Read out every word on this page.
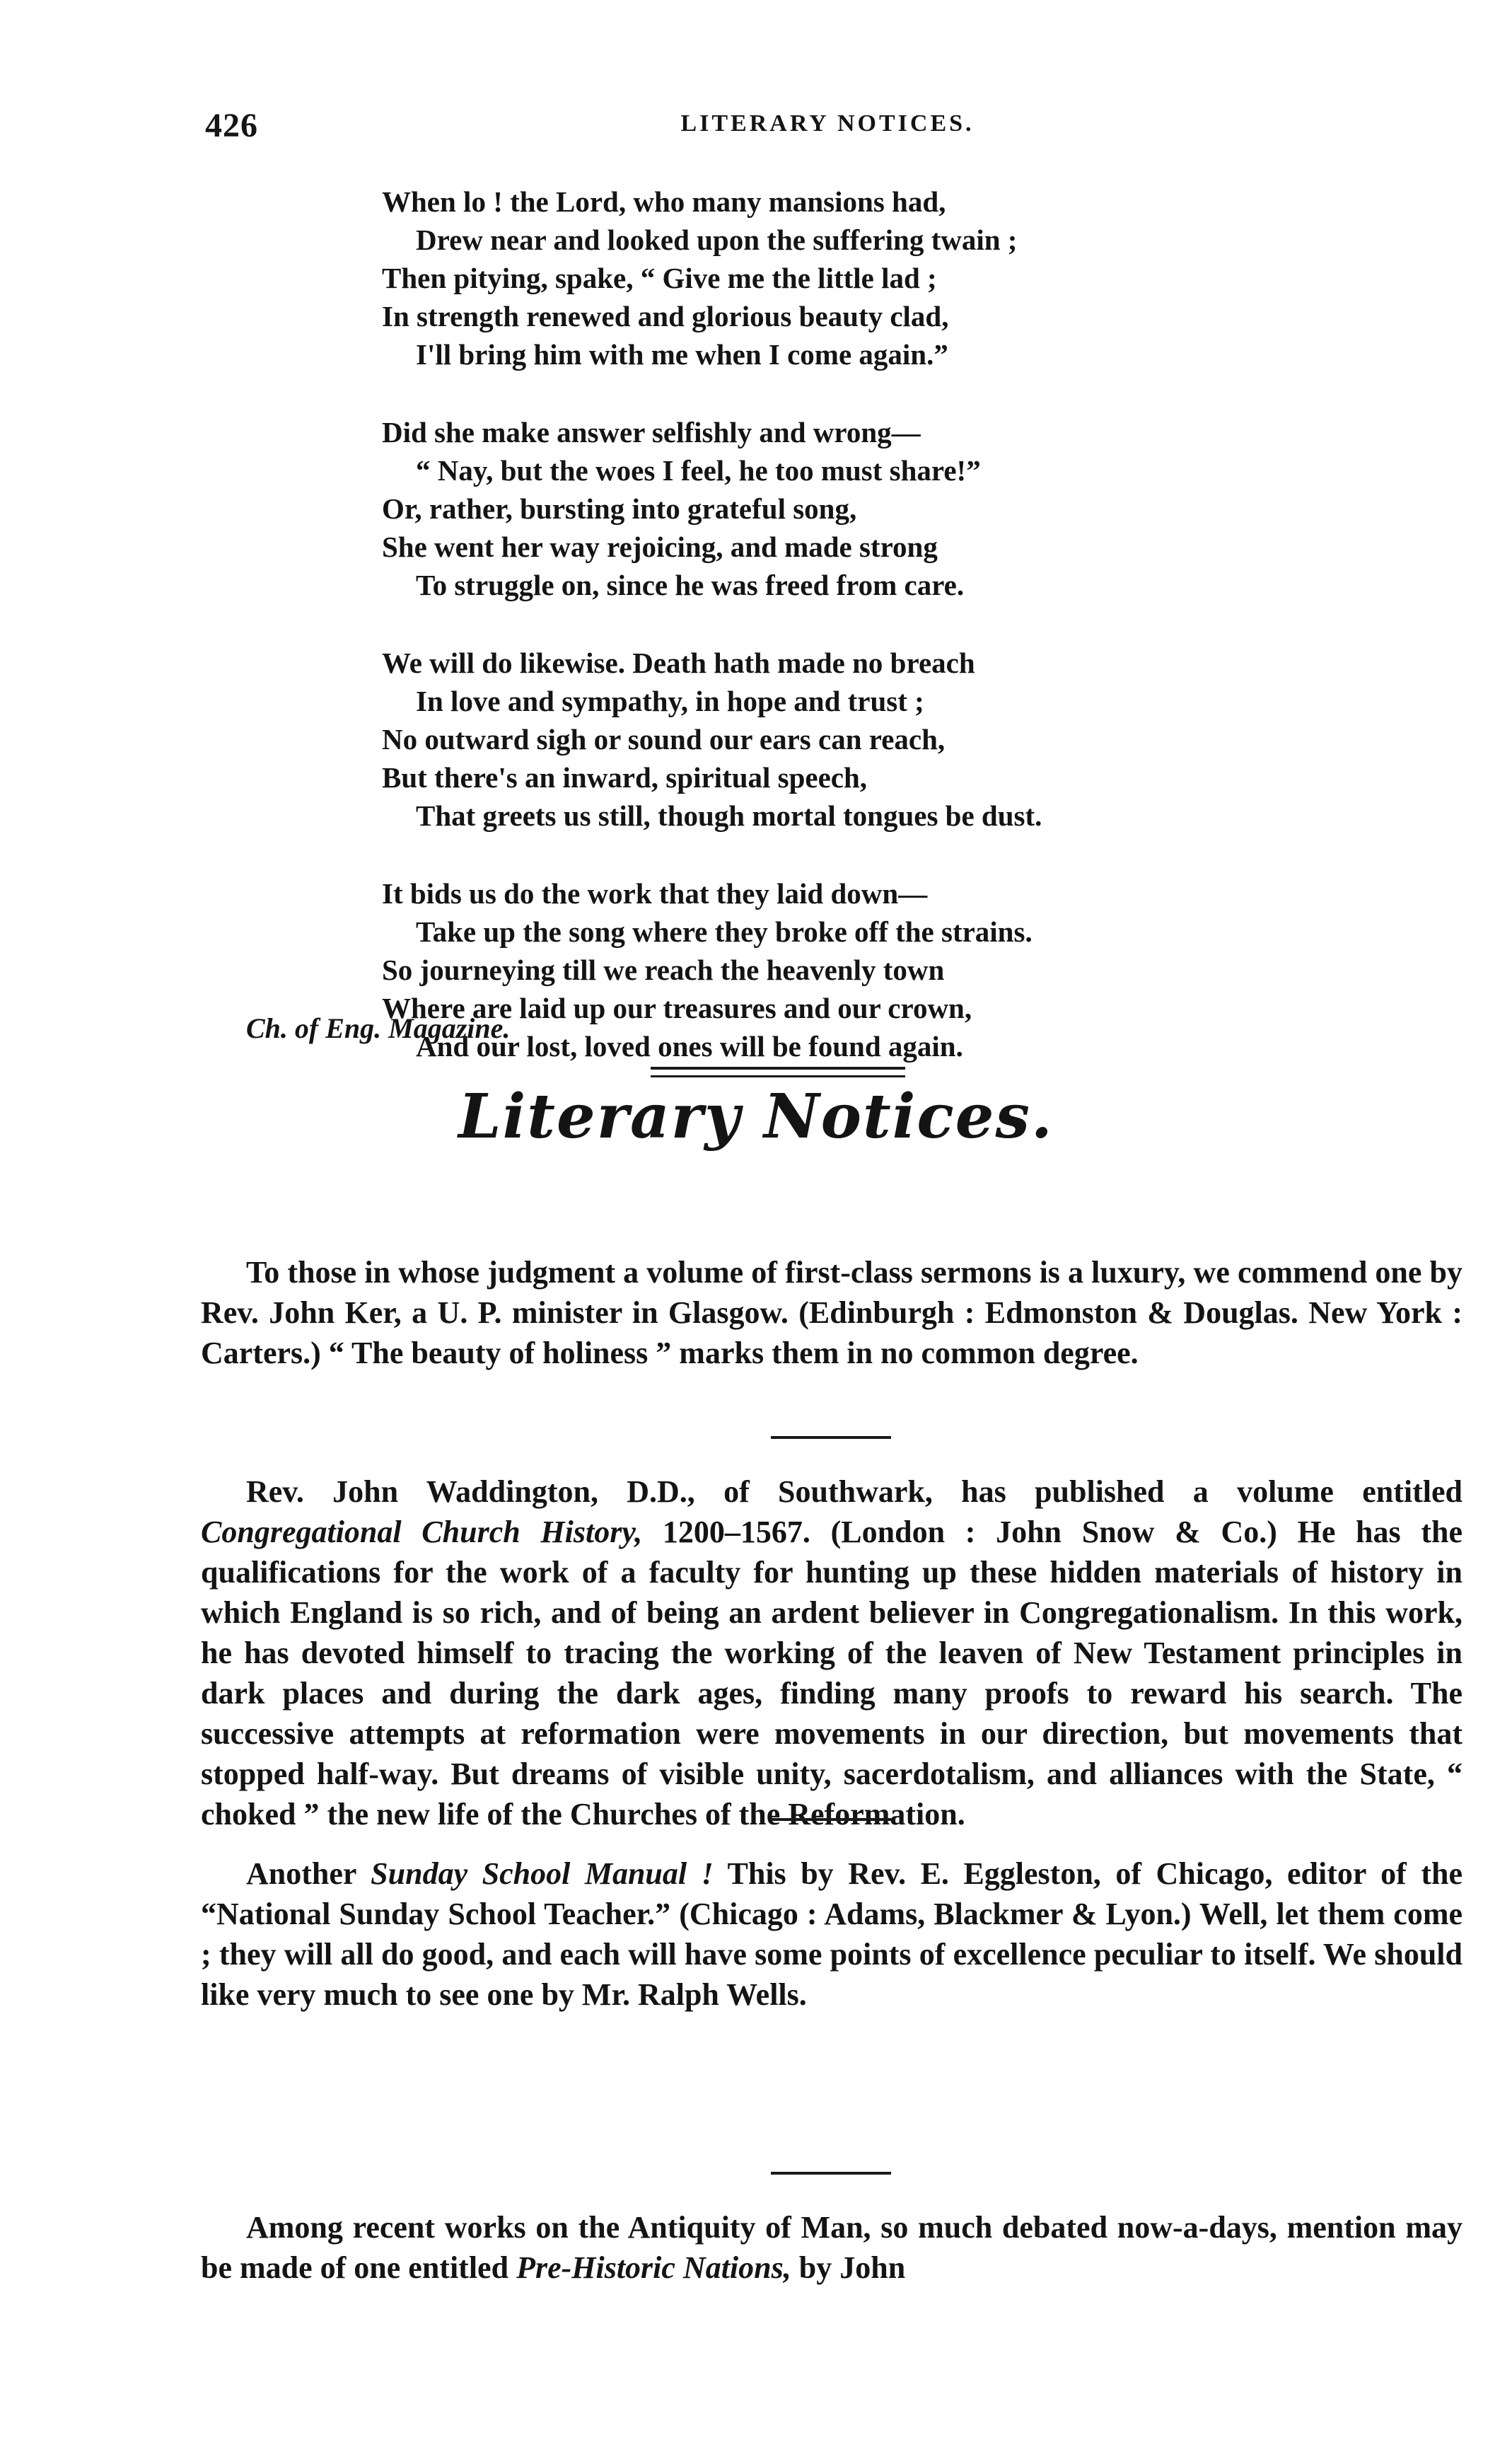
426	LITERARY NOTICES.
When lo ! the Lord, who many mansions had,
Drew near and looked upon the suffering twain ;
Then pitying, spake, “ Give me the little lad ;
In strength renewed and glorious beauty clad,
I'll bring him with me when I come again.”
Did she make answer selfishly and wrong—
“ Nay, but the woes I feel, he too must share!”
Or, rather, bursting into grateful song,
She went her way rejoicing, and made strong
To struggle on, since he was freed from care.
We will do likewise. Death hath made no breach
In love and sympathy, in hope and trust ;
No outward sigh or sound our ears can reach,
But there's an inward, spiritual speech,
That greets us still, though mortal tongues be dust.
It bids us do the work that they laid down—
Take up the song where they broke off the strains.
So journeying till we reach the heavenly town
Where are laid up our treasures and our crown,
And our lost, loved ones will be found again.
Ch. of Eng. Magazine.
Literary Notices.
To those in whose judgment a volume of first-class sermons is a luxury, we commend one by Rev. John Ker, a U. P. minister in Glasgow. (Edinburgh : Edmonston & Douglas. New York : Carters.) “ The beauty of holiness ” marks them in no common degree.
Rev. John Waddington, D.D., of Southwark, has published a volume entitled Congregational Church History, 1200–1567. (London : John Snow & Co.) He has the qualifications for the work of a faculty for hunting up these hidden materials of history in which England is so rich, and of being an ardent believer in Congregationalism. In this work, he has devoted himself to tracing the working of the leaven of New Testament principles in dark places and during the dark ages, finding many proofs to reward his search. The successive attempts at reformation were movements in our direction, but movements that stopped half-way. But dreams of visible unity, sacerdotalism, and alliances with the State, “ choked ” the new life of the Churches of the Reformation.
Another Sunday School Manual ! This by Rev. E. Eggleston, of Chicago, editor of the “National Sunday School Teacher.” (Chicago : Adams, Blackmer & Lyon.) Well, let them come ; they will all do good, and each will have some points of excellence peculiar to itself. We should like very much to see one by Mr. Ralph Wells.
Among recent works on the Antiquity of Man, so much debated now-a-days, mention may be made of one entitled Pre-Historic Nations, by John
